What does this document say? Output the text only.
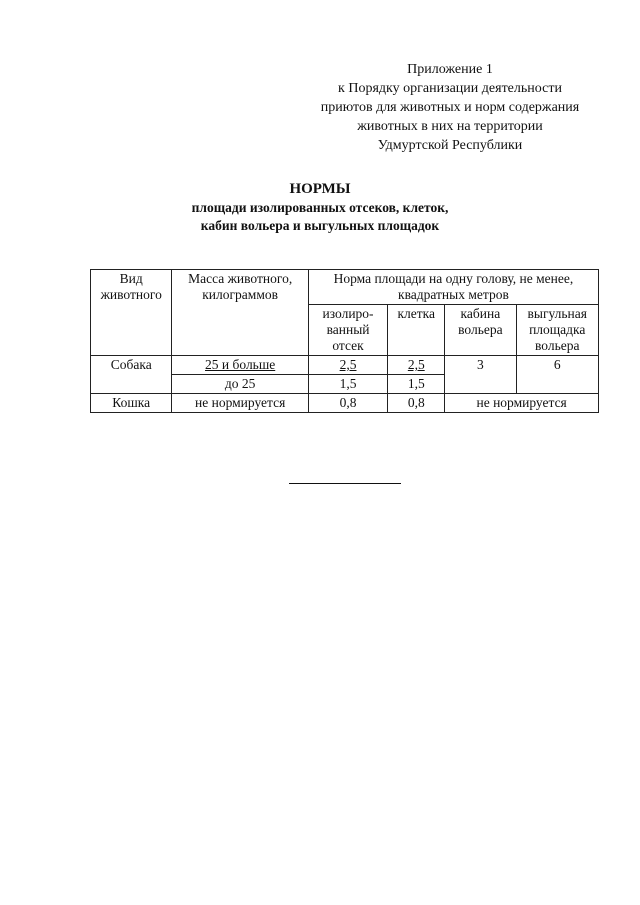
Приложение 1
к Порядку организации деятельности
приютов для животных и норм содержания
животных в них на территории
Удмуртской Республики
НОРМЫ
площади изолированных отсеков, клеток,
кабин вольера и выгульных площадок
Вид животного	Масса животного, килограммов	Норма площади на одну голову, не менее, квадратных метров			
		изолиро-ванный отсек	клетка	кабина вольера	выгульная площадка вольера
Собака	25 и больше	2,5	2,5	3	6
	до 25	1,5	1,5		
Кошка	не нормируется	0,8	0,8	не нормируется	
